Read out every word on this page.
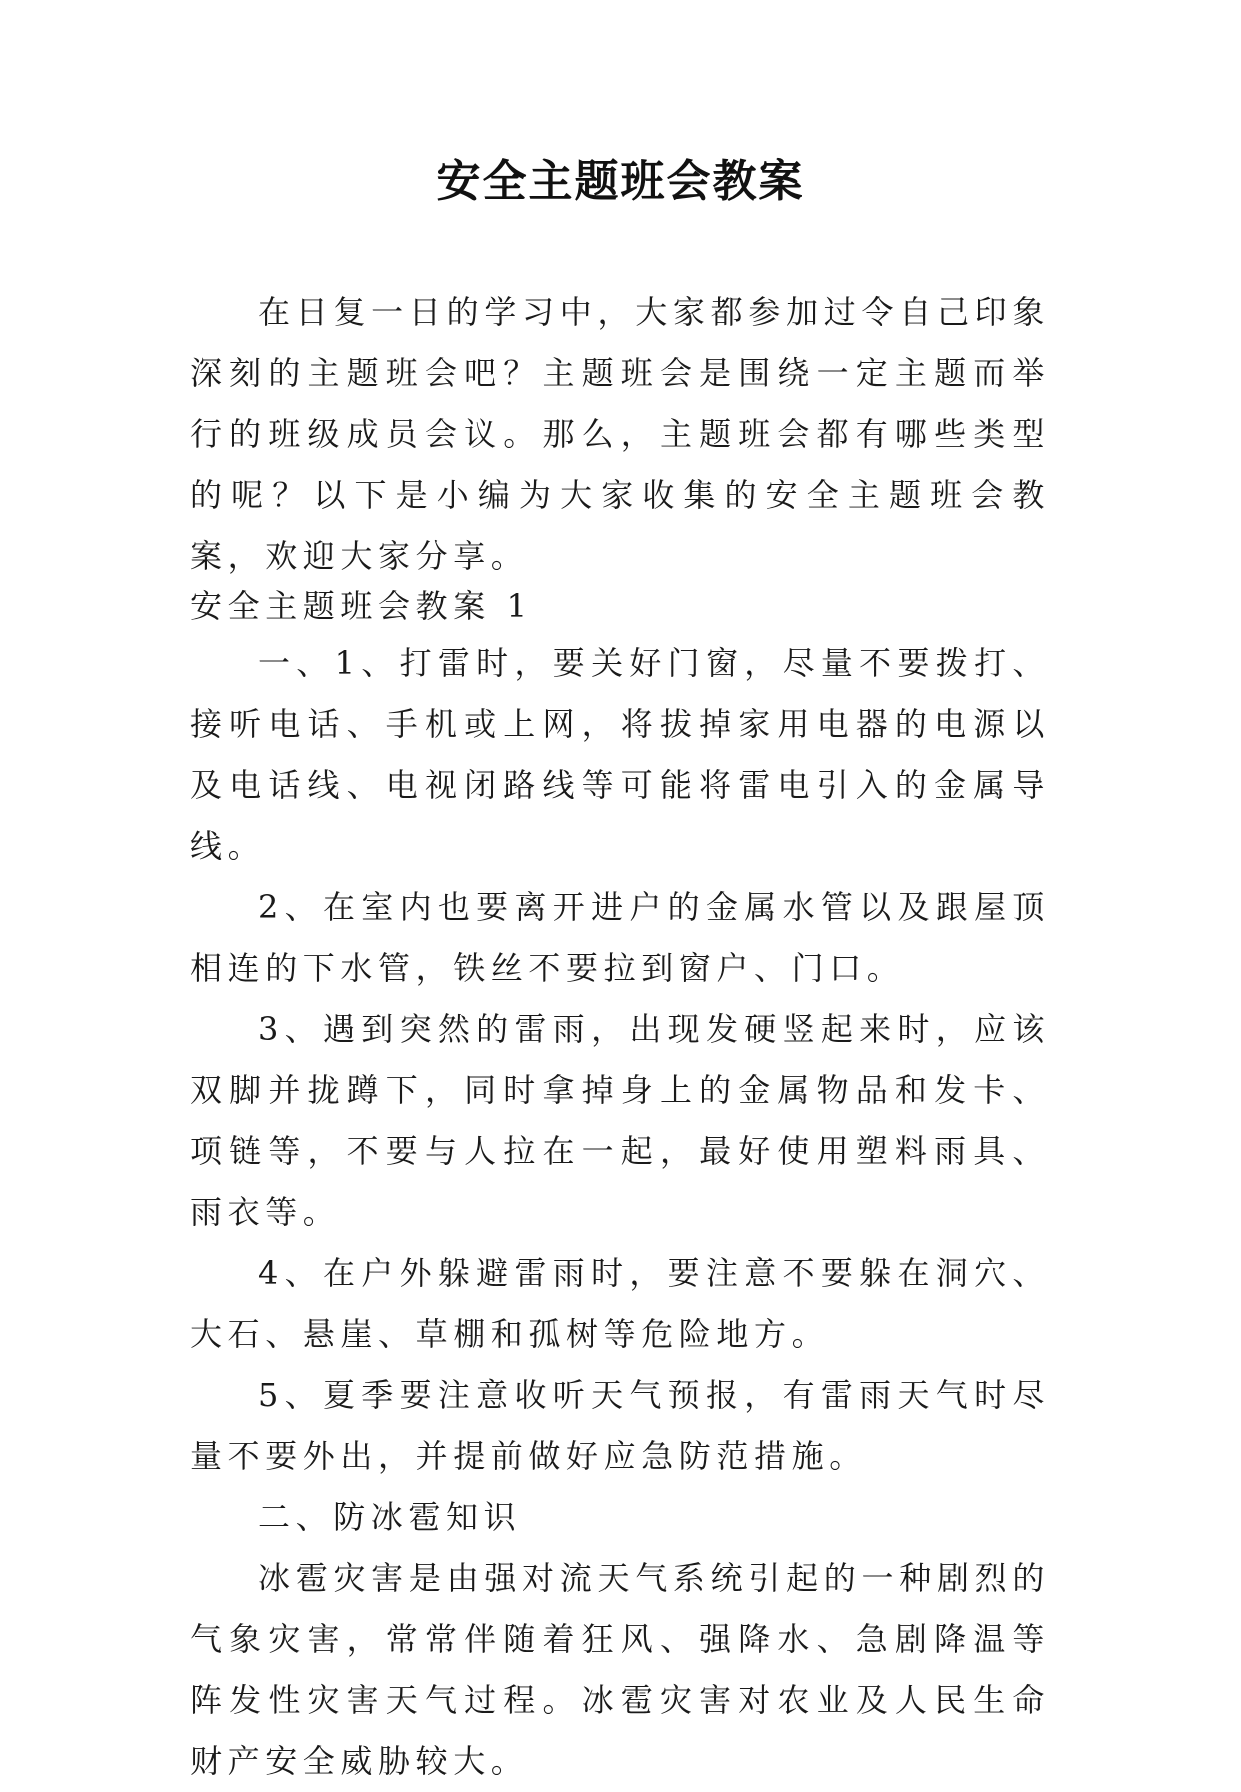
安全主题班会教案

在日复一日的学习中，大家都参加过令自己印象深刻的主题班会吧？主题班会是围绕一定主题而举行的班级成员会议。那么，主题班会都有哪些类型的呢？以下是小编为大家收集的安全主题班会教案，欢迎大家分享。

安全主题班会教案 1

一、1、打雷时，要关好门窗，尽量不要拨打、接听电话、手机或上网，将拔掉家用电器的电源以及电话线、电视闭路线等可能将雷电引入的金属导线。

2、在室内也要离开进户的金属水管以及跟屋顶相连的下水管，铁丝不要拉到窗户、门口。

3、遇到突然的雷雨，出现发硬竖起来时，应该双脚并拢蹲下，同时拿掉身上的金属物品和发卡、项链等，不要与人拉在一起，最好使用塑料雨具、雨衣等。

4、在户外躲避雷雨时，要注意不要躲在洞穴、大石、悬崖、草棚和孤树等危险地方。

5、夏季要注意收听天气预报，有雷雨天气时尽量不要外出，并提前做好应急防范措施。

二、防冰雹知识

冰雹灾害是由强对流天气系统引起的一种剧烈的气象灾害，常常伴随着狂风、强降水、急剧降温等阵发性灾害天气过程。冰雹灾害对农业及人民生命财产安全威胁较大。
